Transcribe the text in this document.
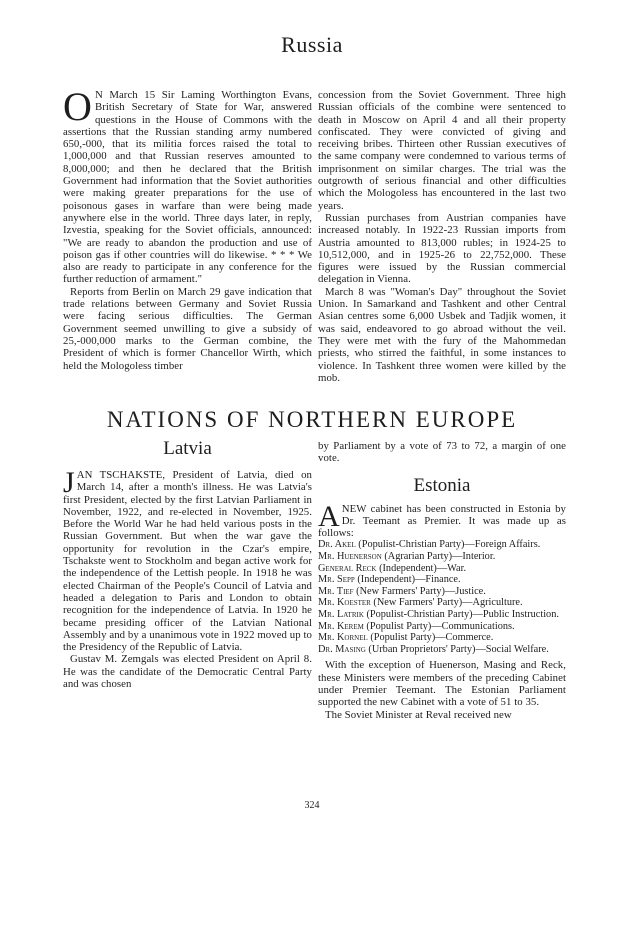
Russia

O N March 15 Sir Laming Worthington Evans, British Secretary of State for War, answered questions in the House of Commons with the assertions that the Russian standing army numbered 650,-000, that its militia forces raised the total to 1,000,000 and that Russian reserves amounted to 8,000,000; and then he declared that the British Government had information that the Soviet authorities were making greater preparations for the use of poisonous gases in warfare than were being made anywhere else in the world. Three days later, in reply, Izvestia, speaking for the Soviet officials, announced: "We are ready to abandon the production and use of poison gas if other countries will do likewise. * * * We also are ready to participate in any conference for the further reduction of armament."

Reports from Berlin on March 29 gave indication that trade relations between Germany and Soviet Russia were facing serious difficulties. The German Government seemed unwilling to give a subsidy of 25,-000,000 marks to the German combine, the President of which is former Chancellor Wirth, which held the Mologoless timber

concession from the Soviet Government. Three high Russian officials of the combine were sentenced to death in Moscow on April 4 and all their property confiscated. They were convicted of giving and receiving bribes. Thirteen other Russian executives of the same company were condemned to various terms of imprisonment on similar charges. The trial was the outgrowth of serious financial and other difficulties which the Mologoless has encountered in the last two years.

Russian purchases from Austrian companies have increased notably. In 1922-23 Russian imports from Austria amounted to 813,000 rubles; in 1924-25 to 10,512,000, and in 1925-26 to 22,752,000. These figures were issued by the Russian commercial delegation in Vienna.

March 8 was "Woman's Day" throughout the Soviet Union. In Samarkand and Tashkent and other Central Asian centres some 6,000 Usbek and Tadjik women, it was said, endeavored to go abroad without the veil. They were met with the fury of the Mahommedan priests, who stirred the faithful, in some instances to violence. In Tashkent three women were killed by the mob.

NATIONS OF NORTHERN EUROPE

Latvia

JAN TSCHAKSTE, President of Latvia, died on March 14, after a month's illness. He was Latvia's first President, elected by the first Latvian Parliament in November, 1922, and re-elected in November, 1925. Before the World War he had held various posts in the Russian Government. But when the war gave the opportunity for revolution in the Czar's empire, Tschakste went to Stockholm and began active work for the independence of the Lettish people. In 1918 he was elected Chairman of the People's Council of Latvia and headed a delegation to Paris and London to obtain recognition for the independence of Latvia. In 1920 he became presiding officer of the Latvian National Assembly and by a unanimous vote in 1922 moved up to the Presidency of the Republic of Latvia.

Gustav M. Zemgals was elected President on April 8. He was the candidate of the Democratic Central Party and was chosen

by Parliament by a vote of 73 to 72, a margin of one vote.

Estonia

ANEW cabinet has been constructed in Estonia by Dr. Teemant as Premier. It was made up as follows:

Dr. Akel (Populist-Christian Party)—Foreign Affairs.

Mr. Huenerson (Agrarian Party)—Interior.

General Reck (Independent)—War.

Mr. Sepp (Independent)—Finance.

Mr. Tief (New Farmers' Party)—Justice.

Mr. Koester (New Farmers' Party)—Agriculture.

Mr. Latrik (Populist-Christian Party)—Public Instruction.

Mr. Kerem (Populist Party)—Communications.

Mr. Kornel (Populist Party)—Commerce.

Dr. Masing (Urban Proprietors' Party)—Social Welfare.

With the exception of Huenerson, Masing and Reck, these Ministers were members of the preceding Cabinet under Premier Teemant. The Estonian Parliament supported the new Cabinet with a vote of 51 to 35.

The Soviet Minister at Reval received new

324
